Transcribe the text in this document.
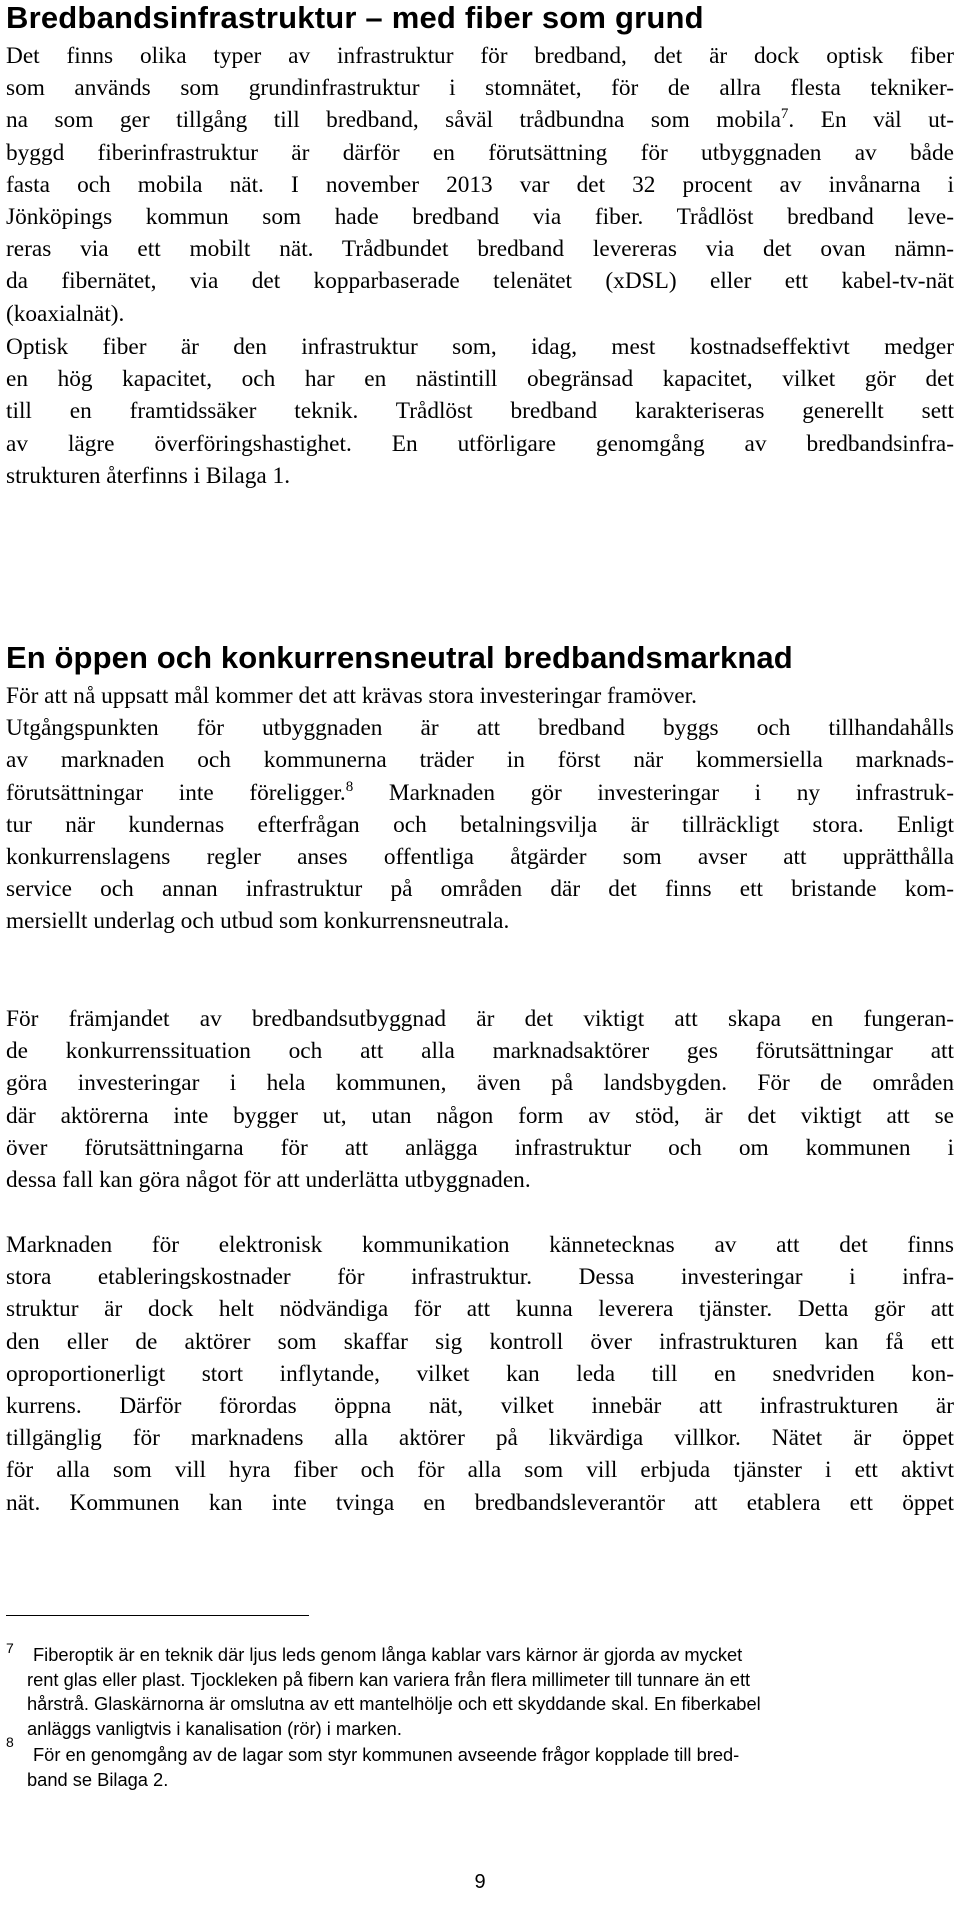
Bredbandsinfrastruktur – med fiber som grund
Det finns olika typer av infrastruktur för bredband, det är dock optisk fiber
som används som grundinfrastruktur i stomnätet, för de allra flesta tekniker-
na som ger tillgång till bredband, såväl trådbundna som mobila$^7$. En väl ut-
byggd fiberinfrastruktur är därför en förutsättning för utbyggnaden av både
fasta och mobila nät. I november 2013 var det 32 procent av invånarna i
Jönköpings kommun som hade bredband via fiber. Trådlöst bredband leve-
reras via ett mobilt nät. Trådbundet bredband levereras via det ovan nämn-
da fibernätet, via det kopparbaserade telenätet (xDSL) eller ett kabel-tv-nät
(koaxialnät).
Optisk fiber är den infrastruktur som, idag, mest kostnadseffektivt medger
en hög kapacitet, och har en nästintill obegränsad kapacitet, vilket gör det
till en framtidssäker teknik. Trådlöst bredband karakteriseras generellt sett
av lägre överföringshastighet. En utförligare genomgång av bredbandsinfra-
strukturen återfinns i Bilaga 1.
En öppen och konkurrensneutral bredbandsmarknad
För att nå uppsatt mål kommer det att krävas stora investeringar framöver.
Utgångspunkten för utbyggnaden är att bredband byggs och tillhandahålls
av marknaden och kommunerna träder in först när kommersiella marknads-
förutsättningar inte föreligger.$^8$ Marknaden gör investeringar i ny infrastruk-
tur när kundernas efterfrågan och betalningsvilja är tillräckligt stora. Enligt
konkurrenslagens regler anses offentliga åtgärder som avser att upprätthålla
service och annan infrastruktur på områden där det finns ett bristande kom-
mersiellt underlag och utbud som konkurrensneutrala.
För främjandet av bredbandsutbyggnad är det viktigt att skapa en fungeran-
de konkurrenssituation och att alla marknadsaktörer ges förutsättningar att
göra investeringar i hela kommunen, även på landsbygden. För de områden
där aktörerna inte bygger ut, utan någon form av stöd, är det viktigt att se
över förutsättningarna för att anlägga infrastruktur och om kommunen i
dessa fall kan göra något för att underlätta utbyggnaden.
Marknaden för elektronisk kommunikation kännetecknas av att det finns
stora etableringskostnader för infrastruktur. Dessa investeringar i infra-
struktur är dock helt nödvändiga för att kunna leverera tjänster. Detta gör att
den eller de aktörer som skaffar sig kontroll över infrastrukturen kan få ett
oproportionerligt stort inflytande, vilket kan leda till en snedvriden kon-
kurrens. Därför förordas öppna nät, vilket innebär att infrastrukturen är
tillgänglig för marknadens alla aktörer på likvärdiga villkor. Nätet är öppet
för alla som vill hyra fiber och för alla som vill erbjuda tjänster i ett aktivt
nät. Kommunen kan inte tvinga en bredbandsleverantör att etablera ett öppet
7 Fiberoptik är en teknik där ljus leds genom långa kablar vars kärnor är gjorda av mycket
rent glas eller plast. Tjockleken på fibern kan variera från flera millimeter till tunnare än ett
hårstrå. Glaskärnorna är omslutna av ett mantelhölje och ett skyddande skal. En fiberkabel
anläggs vanligtvis i kanalisation (rör) i marken.
8
För en genomgång av de lagar som styr kommunen avseende frågor kopplade till bred-
band se Bilaga 2.
9
